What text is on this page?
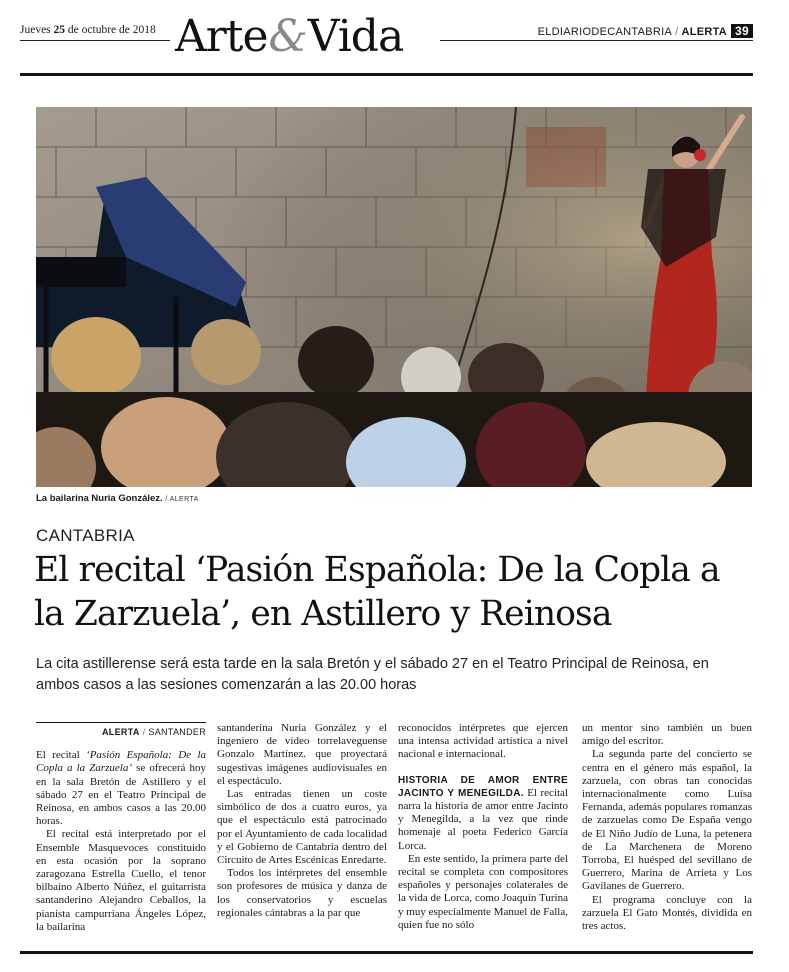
Jueves 25 de octubre de 2018 Arte&Vida	ELDIARIODECANTABRIA / ALERTA 39
La bailarina Nuria González. / ALERTA
CANTABRIA
El recital ‘Pasión Española: De la Copla a la Zarzuela’, en Astillero y Reinosa

La cita astillerense será esta tarde en la sala Bretón y el sábado 27 en el Teatro Principal de Reinosa, en ambos casos a las sesiones comenzarán a las 20.00 horas

ALERTA / SANTANDER

El recital ‘Pasión Española: De la Copla a la Zarzuela’ se ofrecerá hoy en la sala Bretón de Astillero y el sábado 27 en el Teatro Principal de Reinosa, en ambos casos a las 20.00 horas.

El recital está interpretado por el Ensemble Masquevoces constituido en esta ocasión por la soprano zaragozana Estrella Cuello, el tenor bilbaíno Alberto Núñez, el guitarrista santanderino Alejandro Ceballos, la pianista campurriana Ángeles López, la bailarina

santanderina Nuria González y el ingeniero de vídeo torrelaveguense Gonzalo Martínez. que proyectará sugestivas imágenes audiovisuales en el espectáculo.

Las entradas tienen un coste simbólico de dos a cuatro euros, ya que el espectáculo está patrocinado por el Ayuntamiento de cada localidad y el Gobierno de Cantabria dentro del Circuito de Artes Escénicas Enredarte.

Todos los intérpretes del ensemble son profesores de música y danza de los conservatorios y escuelas regionales cántabras a la par que

reconocidos intérpretes que ejercen una intensa actividad artística a nivel nacional e internacional.

HISTORIA DE AMOR ENTRE JACINTO Y MENEGILDA. El recital narra la historia de amor entre Jacinto y Menegilda, a la vez que rinde homenaje al poeta Federico García Lorca.

En este sentido, la primera parte del recital se completa con compositores españoles y personajes colaterales de la vida de Lorca, como Joaquín Turina y muy especialmente Manuel de Falla, quien fue no sólo

un mentor sino también un buen amigo del escritor.

La segunda parte del concierto se centra en el género más español, la zarzuela, con obras tan conocidas internacionalmente como Luisa Fernanda, además populares romanzas de zarzuelas como De España vengo de El Niño Judío de Luna, la petenera de La Marchenera de Moreno Torroba, El huésped del sevillano de Guerrero, Marina de Arrieta y Los Gavilanes de Guerrero.

El programa concluye con la zarzuela El Gato Montés, dividida en tres actos.
